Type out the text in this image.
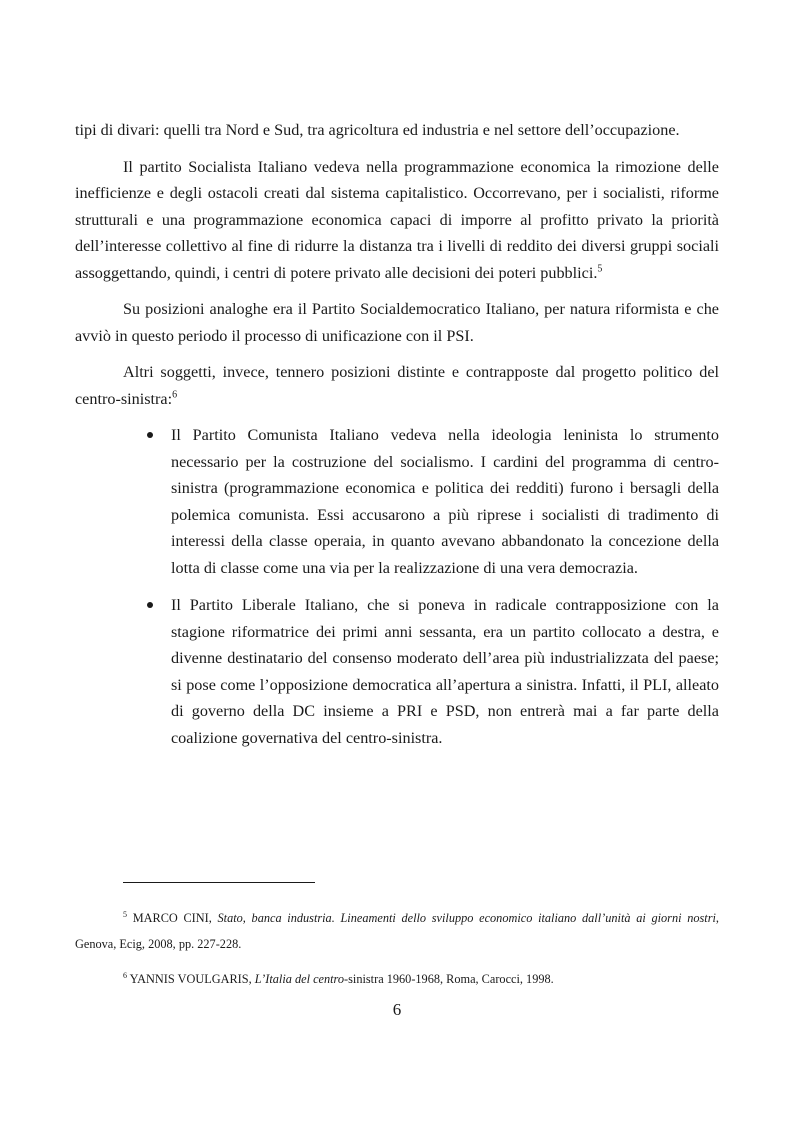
tipi di divari: quelli tra Nord e Sud, tra agricoltura ed industria e nel settore dell’occupazione.

Il partito Socialista Italiano vedeva nella programmazione economica la rimozione delle inefficienze e degli ostacoli creati dal sistema capitalistico. Occorrevano, per i socialisti, riforme strutturali e una programmazione economica capaci di imporre al profitto privato la priorità dell’interesse collettivo al fine di ridurre la distanza tra i livelli di reddito dei diversi gruppi sociali assoggettando, quindi, i centri di potere privato alle decisioni dei poteri pubblici.$^5$

Su posizioni analoghe era il Partito Socialdemocratico Italiano, per natura riformista e che avviò in questo periodo il processo di unificazione con il PSI.

Altri soggetti, invece, tennero posizioni distinte e contrapposte dal progetto politico del centro-sinistra:$^6$

Il Partito Comunista Italiano vedeva nella ideologia leninista lo strumento necessario per la costruzione del socialismo. I cardini del programma di centro-sinistra (programmazione economica e politica dei redditi) furono i bersagli della polemica comunista. Essi accusarono a più riprese i socialisti di tradimento di interessi della classe operaia, in quanto avevano abbandonato la concezione della lotta di classe come una via per la realizzazione di una vera democrazia.
Il Partito Liberale Italiano, che si poneva in radicale contrapposizione con la stagione riformatrice dei primi anni sessanta, era un partito collocato a destra, e divenne destinatario del consenso moderato dell’area più industrializzata del paese; si pose come l’opposizione democratica all’apertura a sinistra. Infatti, il PLI, alleato di governo della DC insieme a PRI e PSD, non entrerà mai a far parte della coalizione governativa del centro-sinistra.

$^5$ MARCO CINI, Stato, banca industria. Lineamenti dello sviluppo economico italiano dall’unità ai giorni nostri, Genova, Ecig, 2008, pp. 227-228.

$^6$ YANNIS VOULGARIS, L’Italia del centro-sinistra 1960-1968, Roma, Carocci, 1998.

6
